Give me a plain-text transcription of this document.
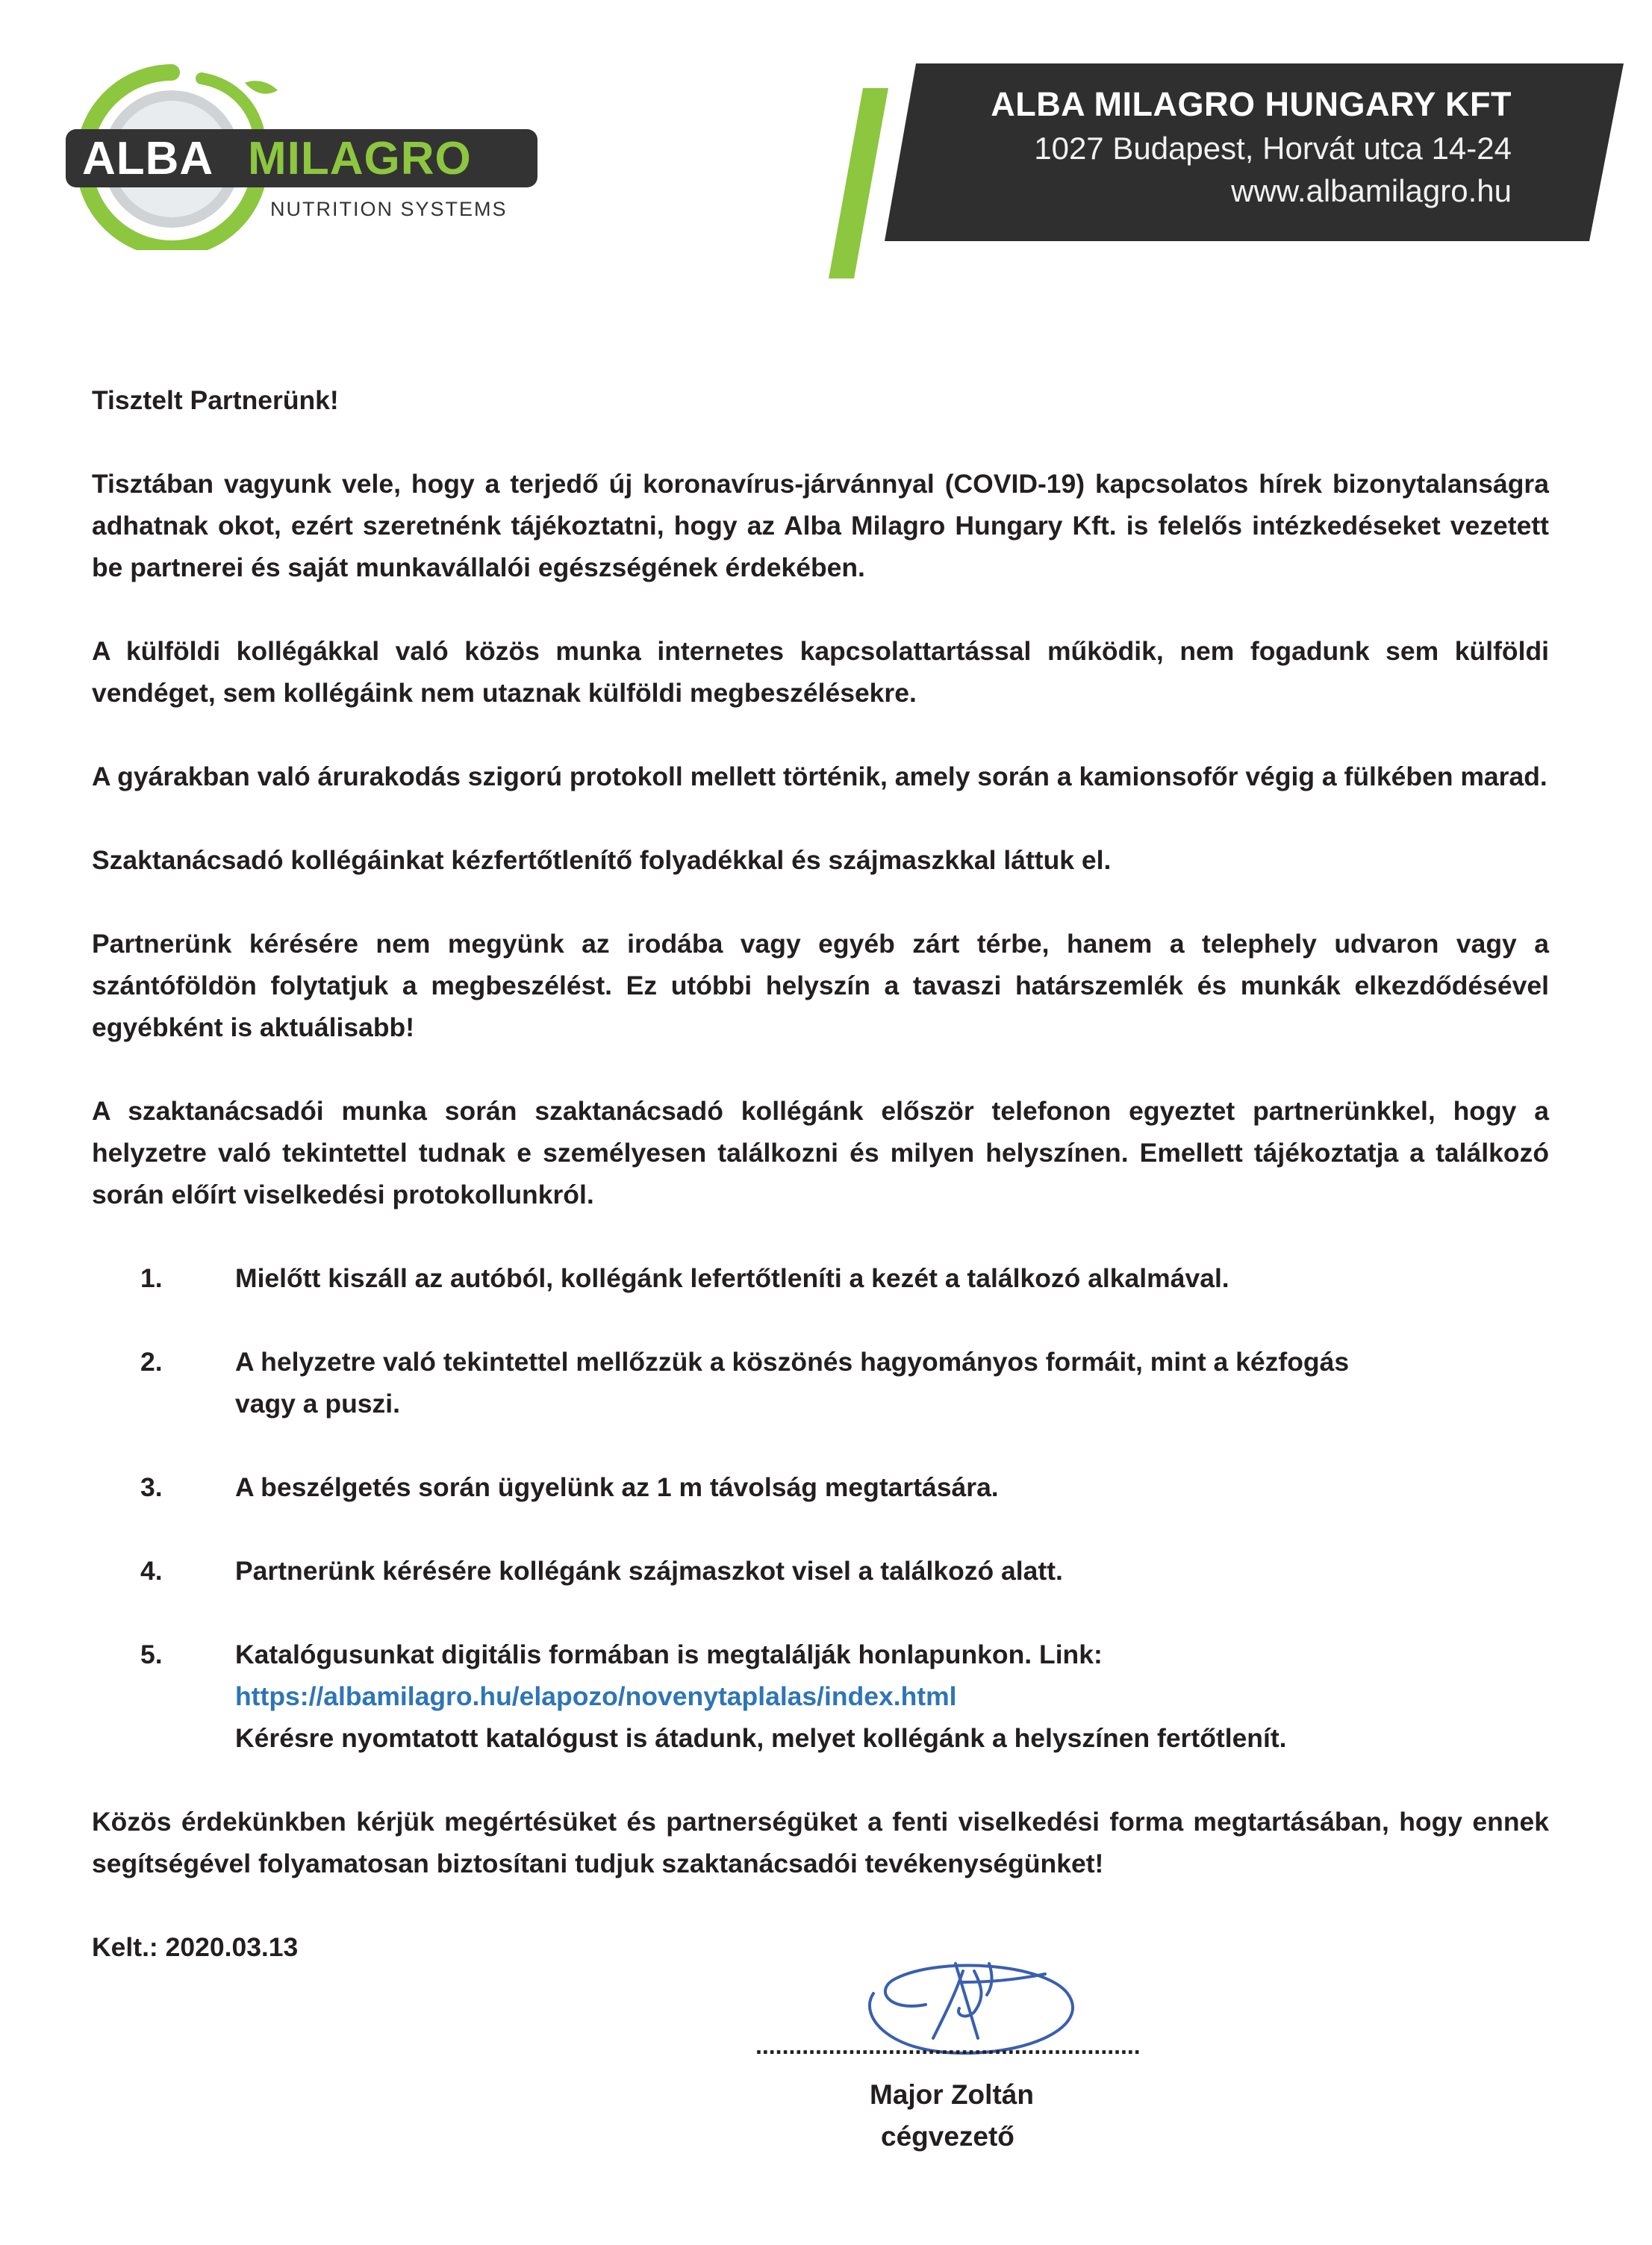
ALBA MILAGRO
NUTRITION SYSTEMS
ALBA MILAGRO HUNGARY KFT
1027 Budapest, Horvát utca 14-24
www.albamilagro.hu

Tisztelt Partnerünk!

Tisztában vagyunk vele, hogy a terjedő új koronavírus-járvánnyal (COVID-19) kapcsolatos hírek bizonytalanságra adhatnak okot, ezért szeretnénk tájékoztatni, hogy az Alba Milagro Hungary Kft. is felelős intézkedéseket vezetett be partnerei és saját munkavállalói egészségének érdekében.

A külföldi kollégákkal való közös munka internetes kapcsolattartással működik, nem fogadunk sem külföldi vendéget, sem kollégáink nem utaznak külföldi megbeszélésekre.

A gyárakban való árurakodás szigorú protokoll mellett történik, amely során a kamionsofőr végig a fülkében marad.

Szaktanácsadó kollégáinkat kézfertőtlenítő folyadékkal és szájmaszkkal láttuk el.

Partnerünk kérésére nem megyünk az irodába vagy egyéb zárt térbe, hanem a telephely udvaron vagy a szántóföldön folytatjuk a megbeszélést. Ez utóbbi helyszín a tavaszi határszemlék és munkák elkezdődésével egyébként is aktuálisabb!

A szaktanácsadói munka során szaktanácsadó kollégánk először telefonon egyeztet partnerünkkel, hogy a helyzetre való tekintettel tudnak e személyesen találkozni és milyen helyszínen. Emellett tájékoztatja a találkozó során előírt viselkedési protokollunkról.

1.	Mielőtt kiszáll az autóból, kollégánk lefertőtleníti a kezét a találkozó alkalmával.
2.	A helyzetre való tekintettel mellőzzük a köszönés hagyományos formáit, mint a kézfogás
vagy a puszi.
3.	A beszélgetés során ügyelünk az 1 m távolság megtartására.
4.	Partnerünk kérésére kollégánk szájmaszkot visel a találkozó alatt.
5.	Katalógusunkat digitális formában is megtalálják honlapunkon. Link:
https://albamilagro.hu/elapozo/novenytaplalas/index.html
Kérésre nyomtatott katalógust is átadunk, melyet kollégánk a helyszínen fertőtlenít.

Közös érdekünkben kérjük megértésüket és partnerségüket a fenti viselkedési forma megtartásában, hogy ennek segítségével folyamatosan biztosítani tudjuk szaktanácsadói tevékenységünket!

Kelt.: 2020.03.13

..........................................................
Major Zoltán
cégvezető
